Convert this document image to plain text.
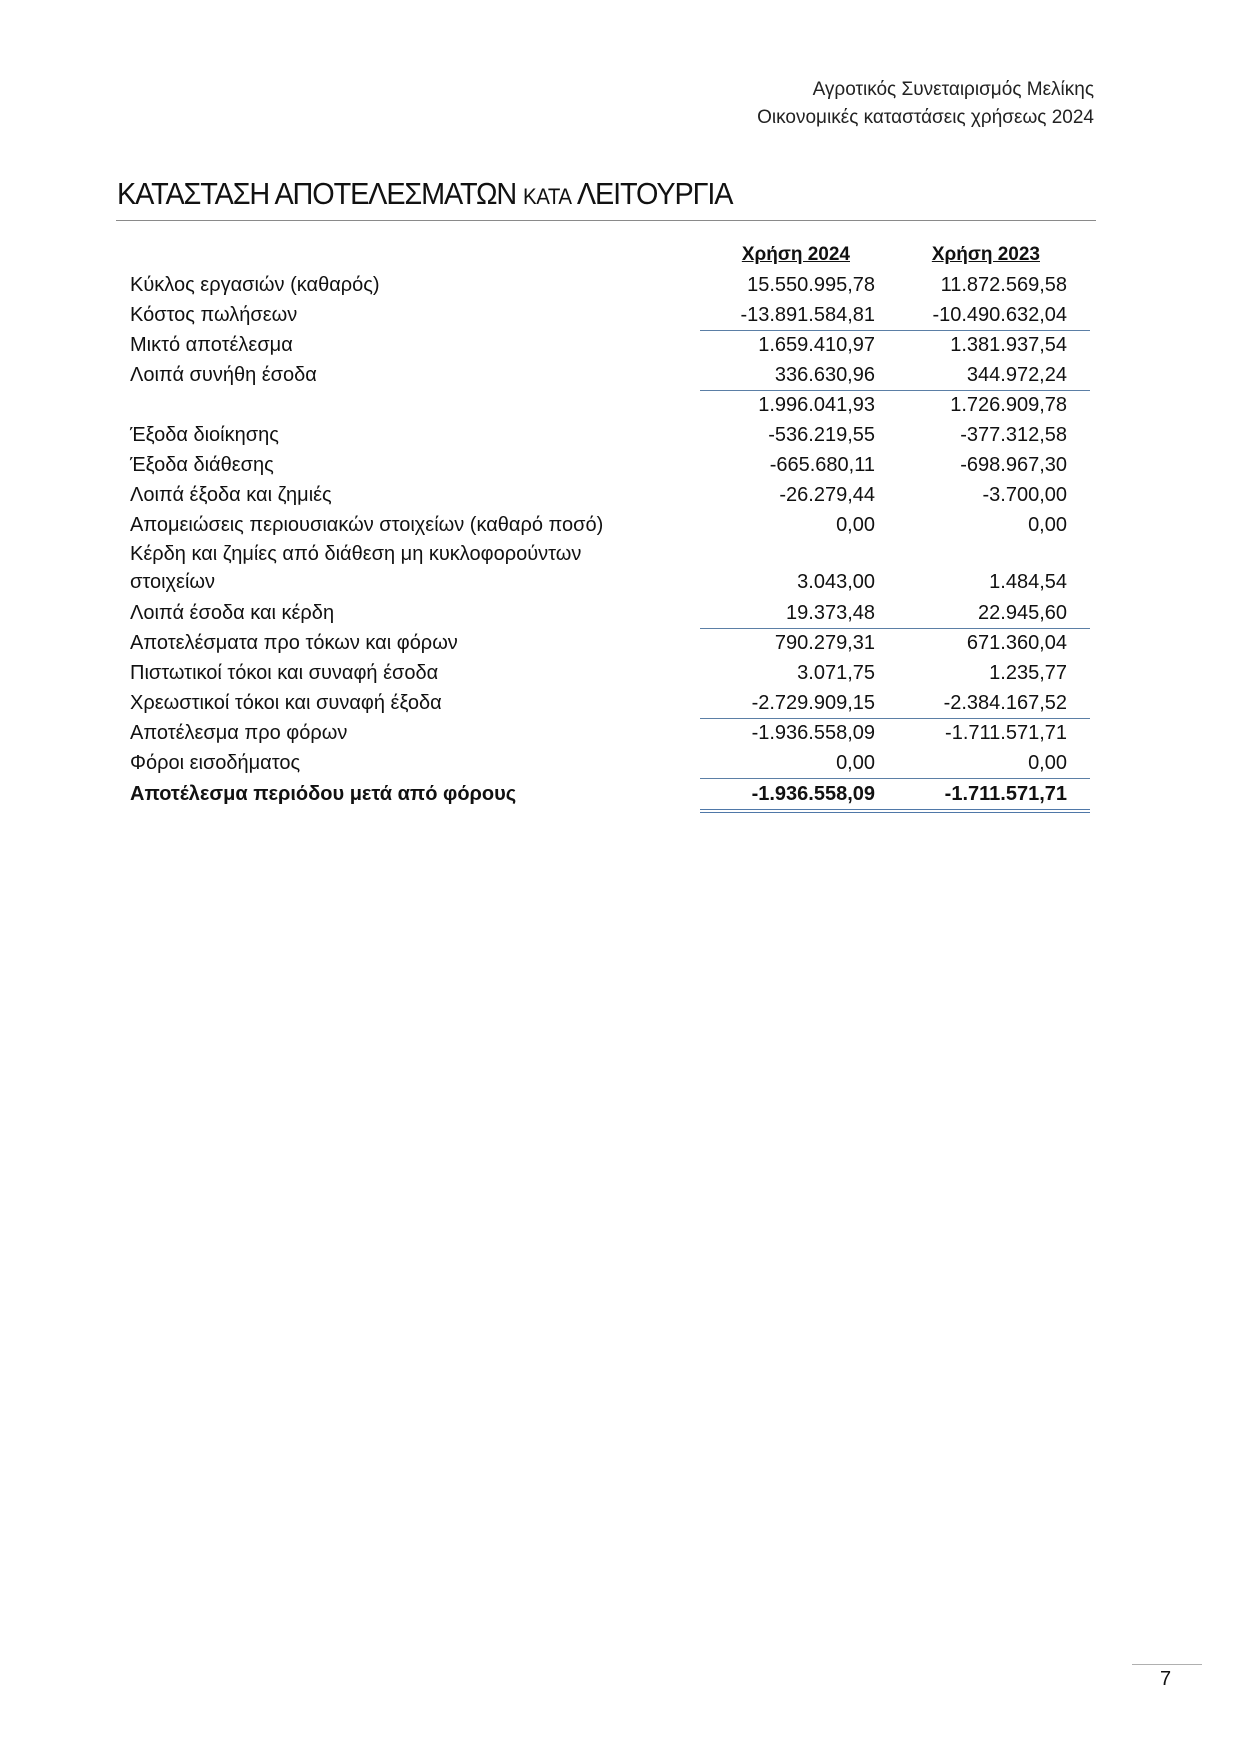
Αγροτικός Συνεταιρισμός Μελίκης
Οικονομικές καταστάσεις χρήσεως 2024
ΚΑΤΑΣΤΑΣΗ ΑΠΟΤΕΛΕΣΜΑΤΩΝ ΚΑΤΑ ΛΕΙΤΟΥΡΓΙΑ
Χρήση 2024	Χρήση 2023
Κύκλος εργασιών (καθαρός)	15.550.995,78	11.872.569,58
Κόστος πωλήσεων	-13.891.584,81	-10.490.632,04
Μικτό αποτέλεσμα	1.659.410,97	1.381.937,54
Λοιπά συνήθη έσοδα	336.630,96	344.972,24
1.996.041,93	1.726.909,78
Έξοδα διοίκησης	-536.219,55	-377.312,58
Έξοδα διάθεσης	-665.680,11	-698.967,30
Λοιπά έξοδα και ζημιές	-26.279,44	-3.700,00
Απομειώσεις περιουσιακών στοιχείων (καθαρό ποσό)	0,00	0,00
Κέρδη και ζημίες από διάθεση μη κυκλοφορούντων στοιχείων	3.043,00	1.484,54
Λοιπά έσοδα και κέρδη	19.373,48	22.945,60
Αποτελέσματα προ τόκων και φόρων	790.279,31	671.360,04
Πιστωτικοί τόκοι και συναφή έσοδα	3.071,75	1.235,77
Χρεωστικοί τόκοι και συναφή έξοδα	-2.729.909,15	-2.384.167,52
Αποτέλεσμα προ φόρων	-1.936.558,09	-1.711.571,71
Φόροι εισοδήματος	0,00	0,00
Αποτέλεσμα περιόδου μετά από φόρους	-1.936.558,09	-1.711.571,71
7
